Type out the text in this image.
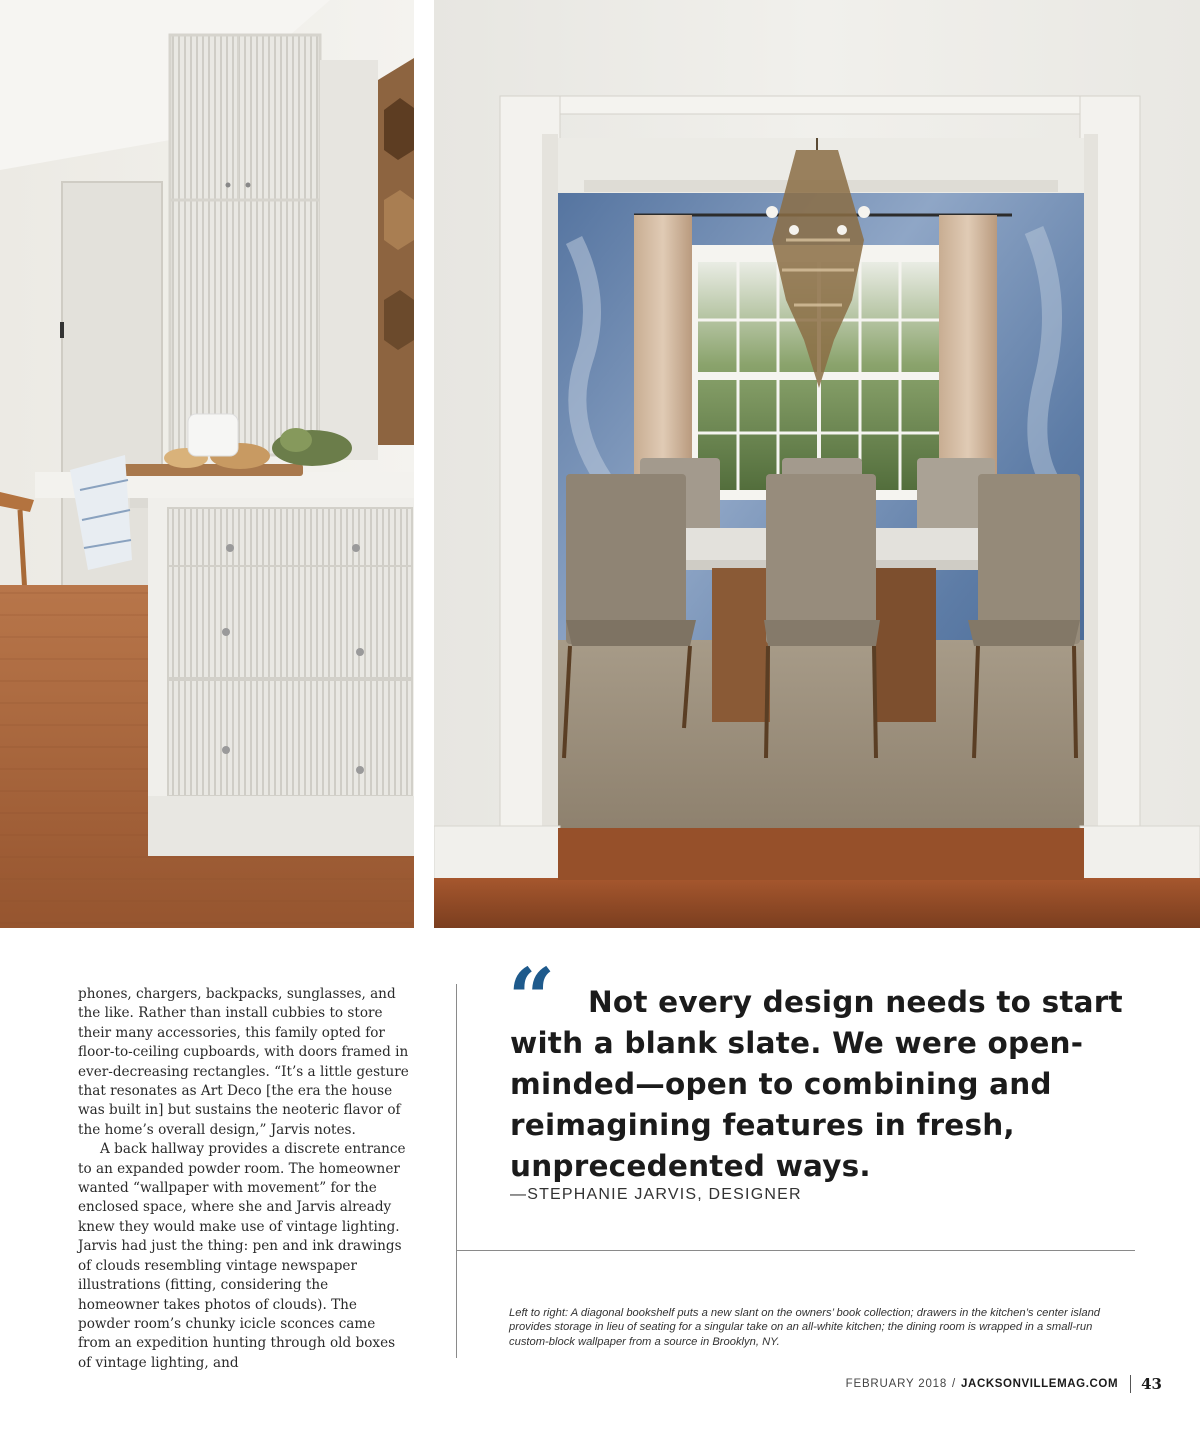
phones, chargers, backpacks, sunglasses, and the like. Rather than install cubbies to store their many accessories, this family opted for floor-to-ceiling cupboards, with doors framed in ever-decreasing rectangles. “It’s a little gesture that resonates as Art Deco [the era the house was built in] but sustains the neoteric flavor of the home’s overall design,” Jarvis notes.

A back hallway provides a discrete entrance to an expanded powder room. The homeowner wanted “wallpaper with movement” for the enclosed space, where she and Jarvis already knew they would make use of vintage lighting. Jarvis had just the thing: pen and ink drawings of clouds resembling vintage newspaper illustrations (fitting, considering the homeowner takes photos of clouds). The powder room’s chunky icicle sconces came from an expedition hunting through old boxes of vintage lighting, and

“	Not every design needs to start with a blank slate. We were open-minded—open to combining and reimagining features in fresh, unprecedented ways.
—STEPHANIE JARVIS, DESIGNER
Left to right: A diagonal bookshelf puts a new slant on the owners’ book collection; drawers in the kitchen’s center island provides storage in lieu of seating for a singular take on an all-white kitchen; the dining room is wrapped in a small-run custom-block wallpaper from a source in Brooklyn, NY.
FEBRUARY 2018 / JACKSONVILLEMAG.COM 43
